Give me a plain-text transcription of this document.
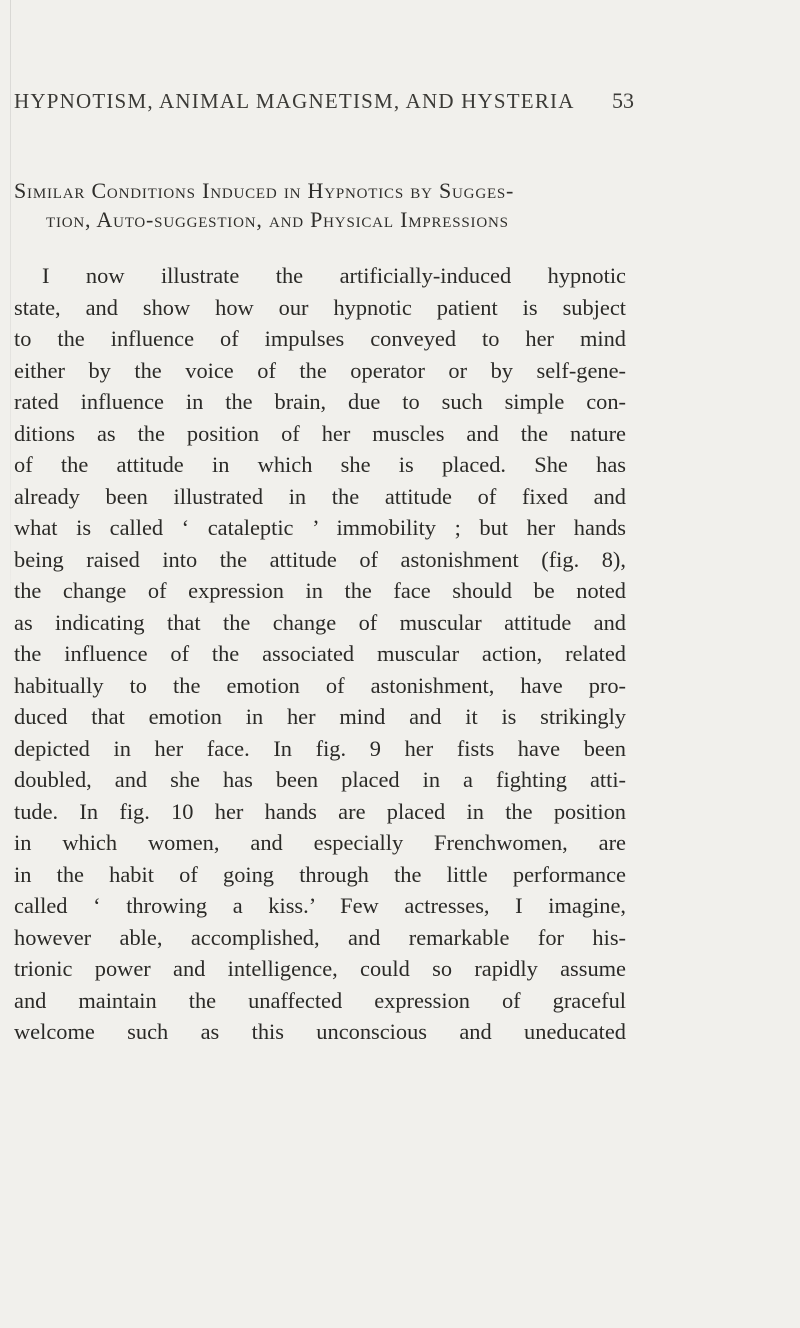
HYPNOTISM, ANIMAL MAGNETISM, AND HYSTERIA 53
Similar Conditions Induced in Hypnotics by Sugges-
tion, Auto-suggestion, and Physical Impressions
I now illustrate the artificially-induced hypnotic
state, and show how our hypnotic patient is subject
to the influence of impulses conveyed to her mind
either by the voice of the operator or by self-gene-
rated influence in the brain, due to such simple con-
ditions as the position of her muscles and the nature
of the attitude in which she is placed. She has
already been illustrated in the attitude of fixed and
what is called ‘ cataleptic ’ immobility ; but her hands
being raised into the attitude of astonishment (fig. 8),
the change of expression in the face should be noted
as indicating that the change of muscular attitude and
the influence of the associated muscular action, related
habitually to the emotion of astonishment, have pro-
duced that emotion in her mind and it is strikingly
depicted in her face. In fig. 9 her fists have been
doubled, and she has been placed in a fighting atti-
tude. In fig. 10 her hands are placed in the position
in which women, and especially Frenchwomen, are
in the habit of going through the little performance
called ‘ throwing a kiss.’ Few actresses, I imagine,
however able, accomplished, and remarkable for his-
trionic power and intelligence, could so rapidly assume
and maintain the unaffected expression of graceful
welcome such as this unconscious and uneducated
